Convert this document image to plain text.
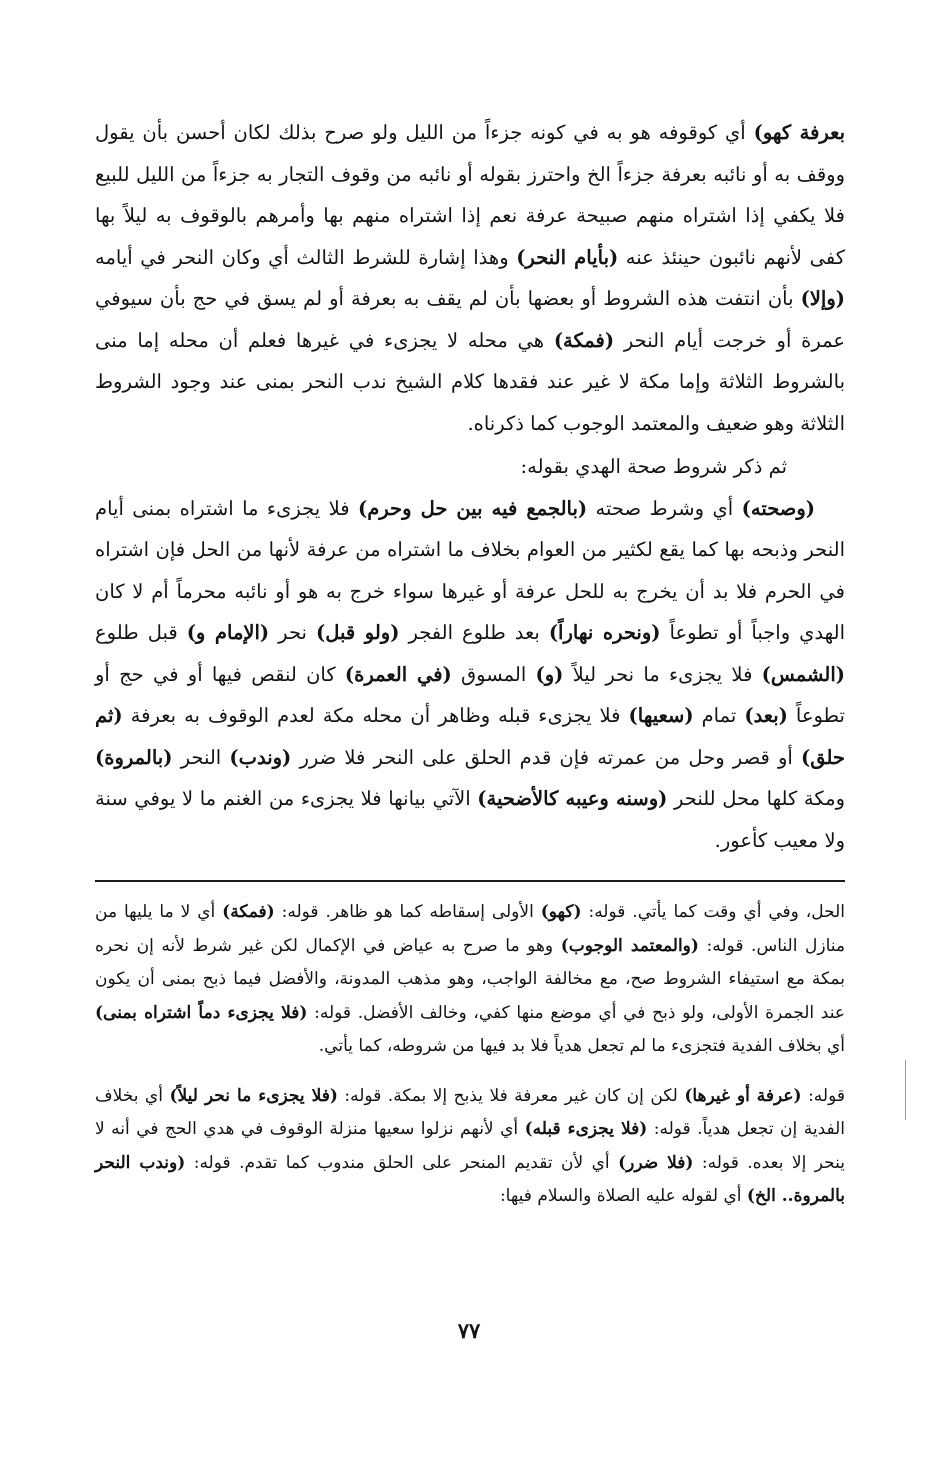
بعرفة كهو) أي كوقوفه هو به في كونه جزءاً من الليل ولو صرح بذلك لكان أحسن بأن يقول ووقف به أو نائبه بعرفة جزءاً الخ واحترز بقوله أو نائبه من وقوف التجار به جزءاً من الليل للبيع فلا يكفي إذا اشتراه منهم صبيحة عرفة نعم إذا اشتراه منهم بها وأمرهم بالوقوف به ليلاً بها كفى لأنهم نائبون حينئذ عنه (بأيام النحر) وهذا إشارة للشرط الثالث أي وكان النحر في أيامه (وإلا) بأن انتفت هذه الشروط أو بعضها بأن لم يقف به بعرفة أو لم يسق في حج بأن سيوفي عمرة أو خرجت أيام النحر (فمكة) هي محله لا يجزىء في غيرها فعلم أن محله إما منى بالشروط الثلاثة وإما مكة لا غير عند فقدها كلام الشيخ ندب النحر بمنى عند وجود الشروط الثلاثة وهو ضعيف والمعتمد الوجوب كما ذكرناه.

ثم ذكر شروط صحة الهدي بقوله:

(وصحته) أي وشرط صحته (بالجمع فيه بين حل وحرم) فلا يجزىء ما اشتراه بمنى أيام النحر وذبحه بها كما يقع لكثير من العوام بخلاف ما اشتراه من عرفة لأنها من الحل فإن اشتراه في الحرم فلا بد أن يخرج به للحل عرفة أو غيرها سواء خرج به هو أو نائبه محرماً أم لا كان الهدي واجباً أو تطوعاً (ونحره نهاراً) بعد طلوع الفجر (ولو قبل) نحر (الإمام و) قبل طلوع (الشمس) فلا يجزىء ما نحر ليلاً (و) المسوق (في العمرة) كان لنقص فيها أو في حج أو تطوعاً (بعد) تمام (سعيها) فلا يجزىء قبله وظاهر أن محله مكة لعدم الوقوف به بعرفة (ثم حلق) أو قصر وحل من عمرته فإن قدم الحلق على النحر فلا ضرر (وندب) النحر (بالمروة) ومكة كلها محل للنحر (وسنه وعيبه كالأضحية) الآتي بيانها فلا يجزىء من الغنم ما لا يوفي سنة ولا معيب كأعور.

الحل، وفي أي وقت كما يأتي. قوله: (كهو) الأولى إسقاطه كما هو ظاهر. قوله: (فمكة) أي لا ما يليها من منازل الناس. قوله: (والمعتمد الوجوب) وهو ما صرح به عياض في الإكمال لكن غير شرط لأنه إن نحره بمكة مع استيفاء الشروط صح، مع مخالفة الواجب، وهو مذهب المدونة، والأفضل فيما ذبح بمنى أن يكون عند الجمرة الأولى، ولو ذبح في أي موضع منها كفي، وخالف الأفضل. قوله: (فلا يجزىء دماً اشتراه بمنى) أي بخلاف الفدية فتجزىء ما لم تجعل هدياً فلا بد فيها من شروطه، كما يأتي.

قوله: (عرفة أو غيرها) لكن إن كان غير معرفة فلا يذبح إلا بمكة. قوله: (فلا يجزىء ما نحر ليلاً) أي بخلاف الفدية إن تجعل هدياً. قوله: (فلا يجزىء قبله) أي لأنهم نزلوا سعيها منزلة الوقوف في هدي الحج في أنه لا ينحر إلا بعده. قوله: (فلا ضرر) أي لأن تقديم المنحر على الحلق مندوب كما تقدم. قوله: (وندب النحر بالمروة.. الخ) أي لقوله عليه الصلاة والسلام فيها:

٧٧
